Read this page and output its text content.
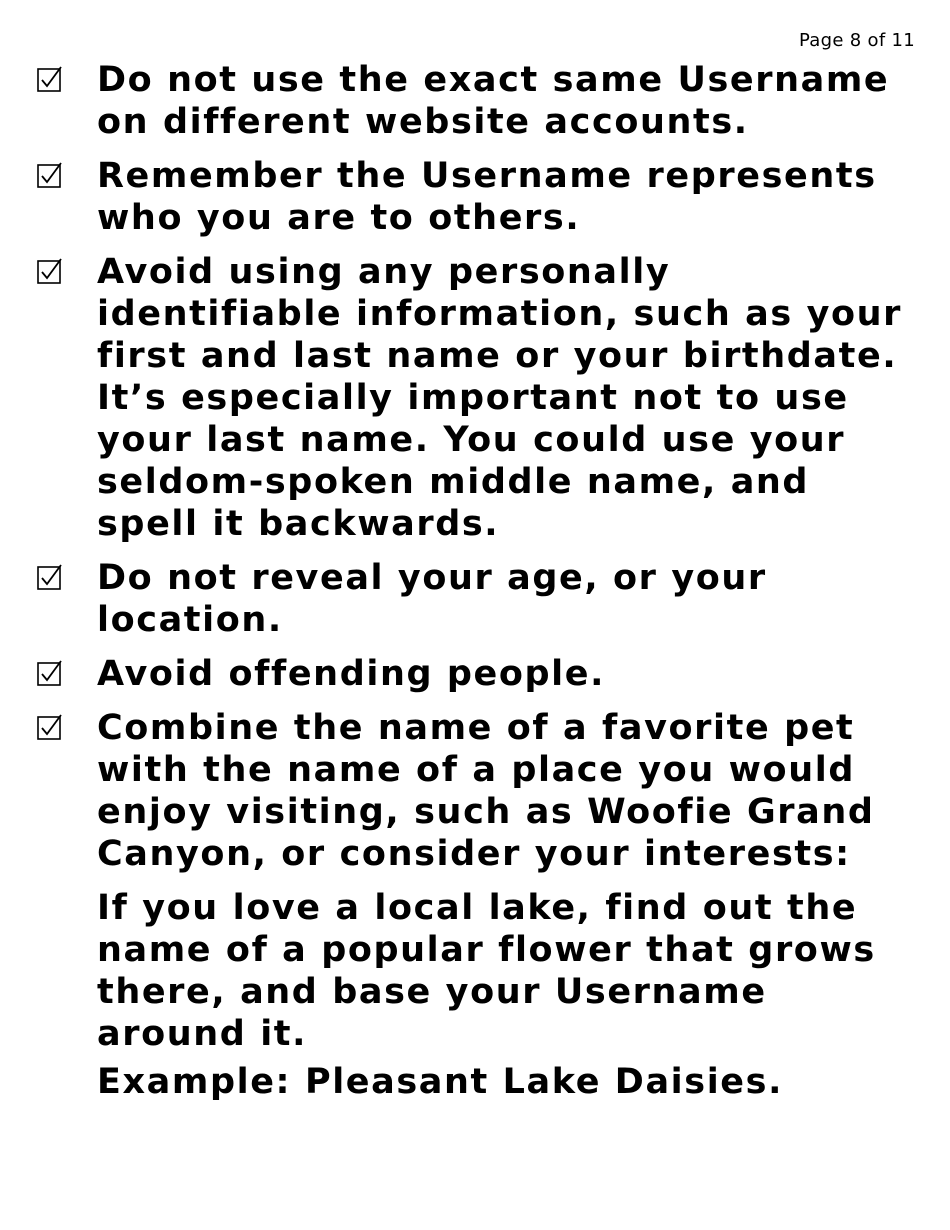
Page 8 of 11

Do not use the exact same Username on different website accounts.

Remember the Username represents who you are to others.

Avoid using any personally identifiable information, such as your first and last name or your birthdate. It’s especially important not to use your last name. You could use your seldom-spoken middle name, and spell it backwards.

Do not reveal your age, or your location.

Avoid offending people.

Combine the name of a favorite pet with the name of a place you would enjoy visiting, such as Woofie Grand Canyon, or consider your interests:

If you love a local lake, find out the name of a popular flower that grows there, and base your Username around it.

Example: Pleasant Lake Daisies.
